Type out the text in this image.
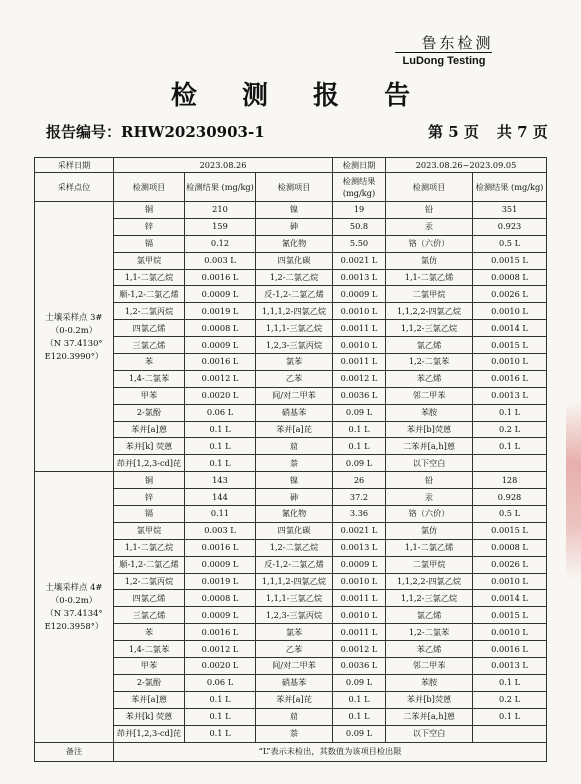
鲁东检测
LuDong Testing
检 测 报 告
报告编号：RHW20230903-1	第 5 页 共 7 页
采样日期	2023.08.26			检测日期	2023.08.26~2023.09.05	
采样点位	检测项目	检测结果 (mg/kg)	检测项目	检测结果 (mg/kg)	检测项目	检测结果 (mg/kg)

土壤采样点 3#
（0-0.2m）
（N 37.4130°
E120.3990°）	铜	210	镍	19	铅	351
	锌	159	砷	50.8	汞	0.923
	镉	0.12	氰化物	5.50	铬（六价）	0.5 L
	氯甲烷	0.003 L	四氯化碳	0.0021 L	氯仿	0.0015 L
	1,1-二氯乙烷	0.0016 L	1,2-二氯乙烷	0.0013 L	1,1-二氯乙烯	0.0008 L
	顺-1,2-二氯乙烯	0.0009 L	反-1,2-二氯乙烯	0.0009 L	二氯甲烷	0.0026 L
	1,2-二氯丙烷	0.0019 L	1,1,1,2-四氯乙烷	0.0010 L	1,1,2,2-四氯乙烷	0.0010 L
	四氯乙烯	0.0008 L	1,1,1-三氯乙烷	0.0011 L	1,1,2-三氯乙烷	0.0014 L
	三氯乙烯	0.0009 L	1,2,3-三氯丙烷	0.0010 L	氯乙烯	0.0015 L
	苯	0.0016 L	氯苯	0.0011 L	1,2-二氯苯	0.0010 L
	1,4-二氯苯	0.0012 L	乙苯	0.0012 L	苯乙烯	0.0016 L
	甲苯	0.0020 L	间/对二甲苯	0.0036 L	邻二甲苯	0.0013 L
	2-氯酚	0.06 L	硝基苯	0.09 L	苯胺	0.1 L
	苯并[a]蒽	0.1 L	苯并[a]芘	0.1 L	苯并[b]荧蒽	0.2 L
	苯并[k] 荧蒽	0.1 L	䓛	0.1 L	二苯并[a,h]蒽	0.1 L
	茚并[1,2,3-cd]芘	0.1 L	萘	0.09 L	以下空白	

土壤采样点 4#
（0-0.2m）
（N 37.4134°
E120.3958°）	铜	143	镍	26	铅	128
	锌	144	砷	37.2	汞	0.928
	镉	0.11	氰化物	3.36	铬（六价）	0.5 L
	氯甲烷	0.003 L	四氯化碳	0.0021 L	氯仿	0.0015 L
	1,1-二氯乙烷	0.0016 L	1,2-二氯乙烷	0.0013 L	1,1-二氯乙烯	0.0008 L
	顺-1,2-二氯乙烯	0.0009 L	反-1,2-二氯乙烯	0.0009 L	二氯甲烷	0.0026 L
	1,2-二氯丙烷	0.0019 L	1,1,1,2-四氯乙烷	0.0010 L	1,1,2,2-四氯乙烷	0.0010 L
	四氯乙烯	0.0008 L	1,1,1-三氯乙烷	0.0011 L	1,1,2-三氯乙烷	0.0014 L
	三氯乙烯	0.0009 L	1,2,3-三氯丙烷	0.0010 L	氯乙烯	0.0015 L
	苯	0.0016 L	氯苯	0.0011 L	1,2-二氯苯	0.0010 L
	1,4-二氯苯	0.0012 L	乙苯	0.0012 L	苯乙烯	0.0016 L
	甲苯	0.0020 L	间/对二甲苯	0.0036 L	邻二甲苯	0.0013 L
	2-氯酚	0.06 L	硝基苯	0.09 L	苯胺	0.1 L
	苯并[a]蒽	0.1 L	苯并[a]芘	0.1 L	苯并[b]荧蒽	0.2 L
	苯并[k] 荧蒽	0.1 L	䓛	0.1 L	二苯并[a,h]蒽	0.1 L
	茚并[1,2,3-cd]芘	0.1 L	萘	0.09 L	以下空白	
备注	“L”表示未检出，其数值为该项目检出限					
